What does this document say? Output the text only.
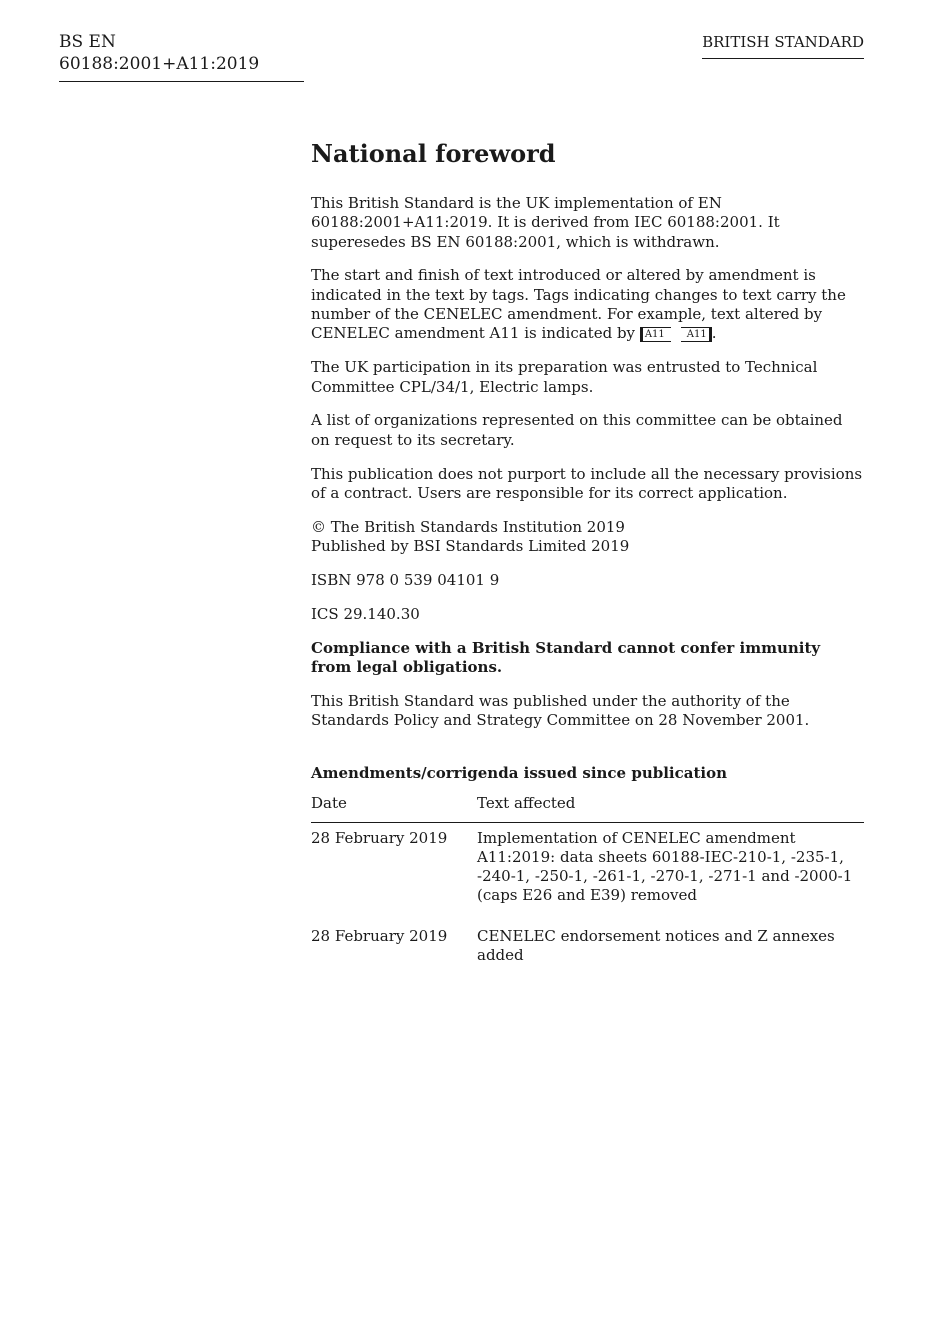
BS EN 60188:2001+A11:2019
BRITISH STANDARD
National foreword

This British Standard is the UK implementation of EN 60188:2001+A11:2019. It is derived from IEC 60188:2001. It superesedes BS EN 60188:2001, which is withdrawn.

The start and finish of text introduced or altered by amendment is indicated in the text by tags. Tags indicating changes to text carry the number of the CENELEC amendment. For example, text altered by CENELEC amendment A11 is indicated by A11 A11 .

The UK participation in its preparation was entrusted to Technical Committee CPL/34/1, Electric lamps.

A list of organizations represented on this committee can be obtained on request to its secretary.

This publication does not purport to include all the necessary provisions of a contract. Users are responsible for its correct application.

© The British Standards Institution 2019
Published by BSI Standards Limited 2019

ISBN 978 0 539 04101 9

ICS 29.140.30

Compliance with a British Standard cannot confer immunity from legal obligations.

This British Standard was published under the authority of the Standards Policy and Strategy Committee on 28 November 2001.

Amendments/corrigenda issued since publication
Date	Text affected
28 February 2019	Implementation of CENELEC amendment A11:2019: data sheets 60188-IEC-210-1, -235-1, -240-1, -250-1, -261-1, -270-1, -271-1 and -2000-1 (caps E26 and E39) removed
28 February 2019	CENELEC endorsement notices and Z annexes added
